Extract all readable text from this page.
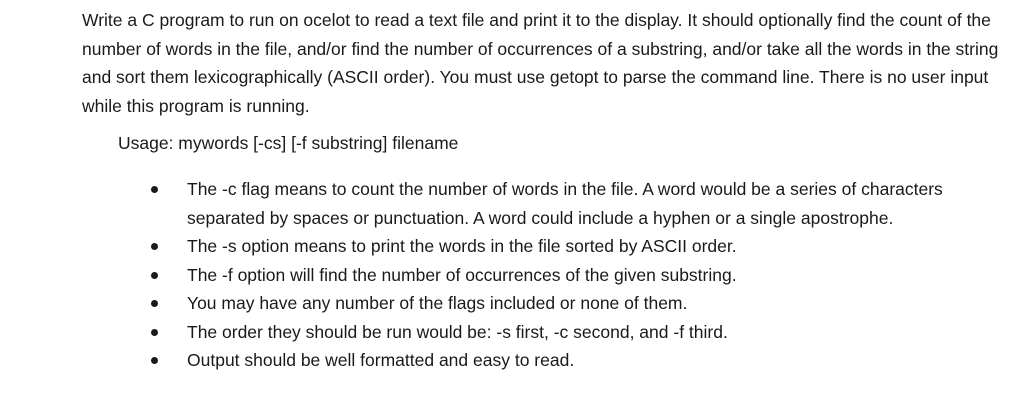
Write a C program to run on ocelot to read a text file and print it to the display. It should optionally find the count of the number of words in the file, and/or find the number of occurrences of a substring, and/or take all the words in the string and sort them lexicographically (ASCII order). You must use getopt to parse the command line. There is no user input while this program is running.

Usage: mywords [-cs] [-f substring] filename

The -c flag means to count the number of words in the file. A word would be a series of characters separated by spaces or punctuation. A word could include a hyphen or a single apostrophe.
The -s option means to print the words in the file sorted by ASCII order.
The -f option will find the number of occurrences of the given substring.
You may have any number of the flags included or none of them.
The order they should be run would be: -s first, -c second, and -f third.
Output should be well formatted and easy to read.
